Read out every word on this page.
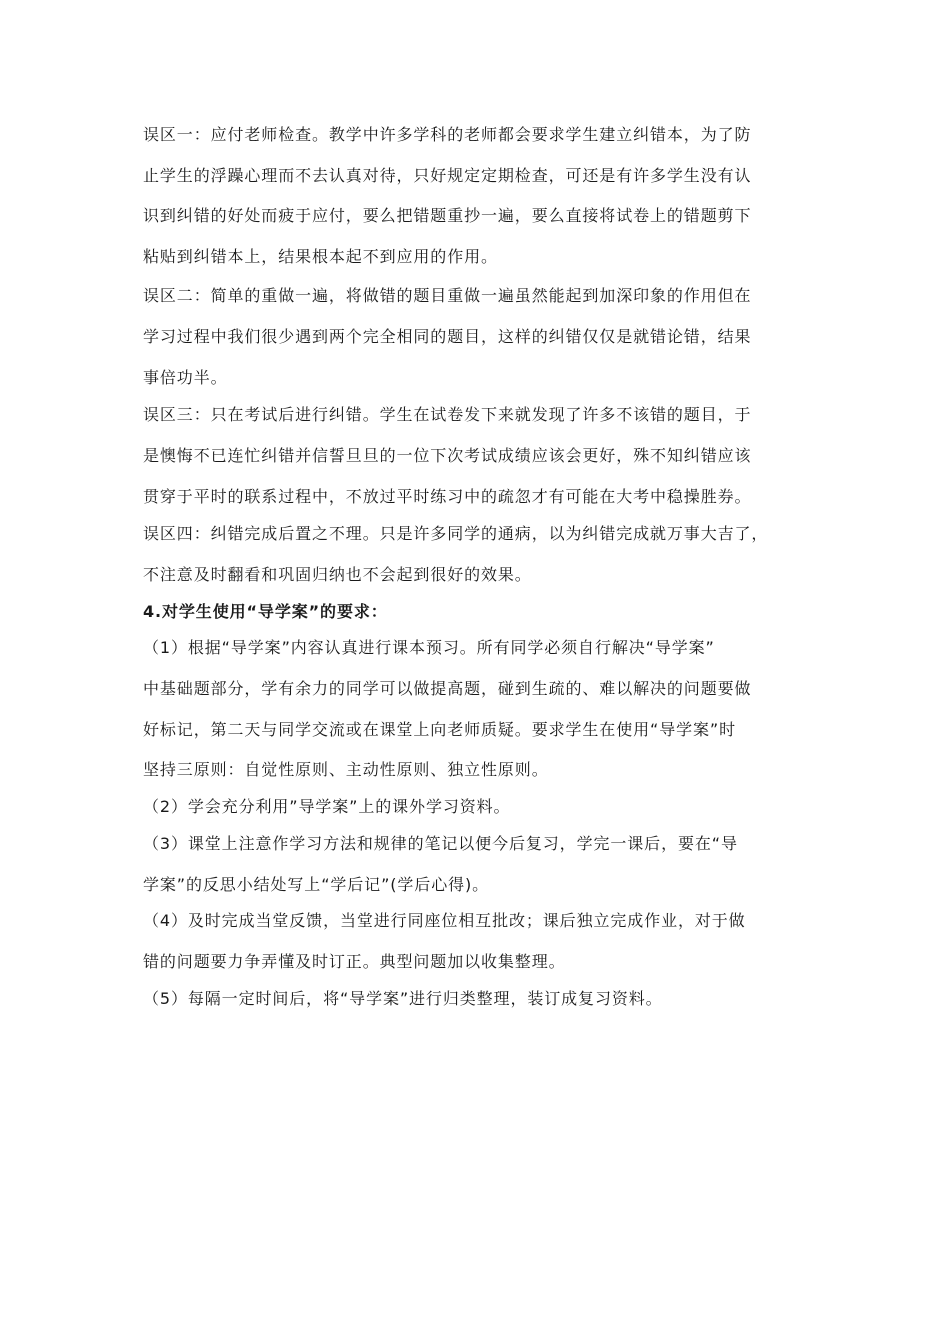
误区一：应付老师检查。教学中许多学科的老师都会要求学生建立纠错本，为了防
止学生的浮躁心理而不去认真对待，只好规定定期检查，可还是有许多学生没有认
识到纠错的好处而疲于应付，要么把错题重抄一遍，要么直接将试卷上的错题剪下
粘贴到纠错本上，结果根本起不到应用的作用。
误区二：简单的重做一遍，将做错的题目重做一遍虽然能起到加深印象的作用但在
学习过程中我们很少遇到两个完全相同的题目，这样的纠错仅仅是就错论错，结果
事倍功半。
误区三：只在考试后进行纠错。学生在试卷发下来就发现了许多不该错的题目，于
是懊悔不已连忙纠错并信誓旦旦的一位下次考试成绩应该会更好，殊不知纠错应该
贯穿于平时的联系过程中，不放过平时练习中的疏忽才有可能在大考中稳操胜券。
误区四：纠错完成后置之不理。只是许多同学的通病，以为纠错完成就万事大吉了，
不注意及时翻看和巩固归纳也不会起到很好的效果。
4.对学生使用“导学案”的要求：
（1）根据“导学案”内容认真进行课本预习。所有同学必须自行解决“导学案”
中基础题部分，学有余力的同学可以做提高题，碰到生疏的、难以解决的问题要做
好标记，第二天与同学交流或在课堂上向老师质疑。要求学生在使用“导学案”时
坚持三原则：自觉性原则、主动性原则、独立性原则。
（2）学会充分利用”导学案”上的课外学习资料。
（3）课堂上注意作学习方法和规律的笔记以便今后复习，学完一课后，要在“导
学案”的反思小结处写上“学后记”(学后心得)。
（4）及时完成当堂反馈，当堂进行同座位相互批改；课后独立完成作业，对于做
错的问题要力争弄懂及时订正。典型问题加以收集整理。
（5）每隔一定时间后，将“导学案”进行归类整理，装订成复习资料。
